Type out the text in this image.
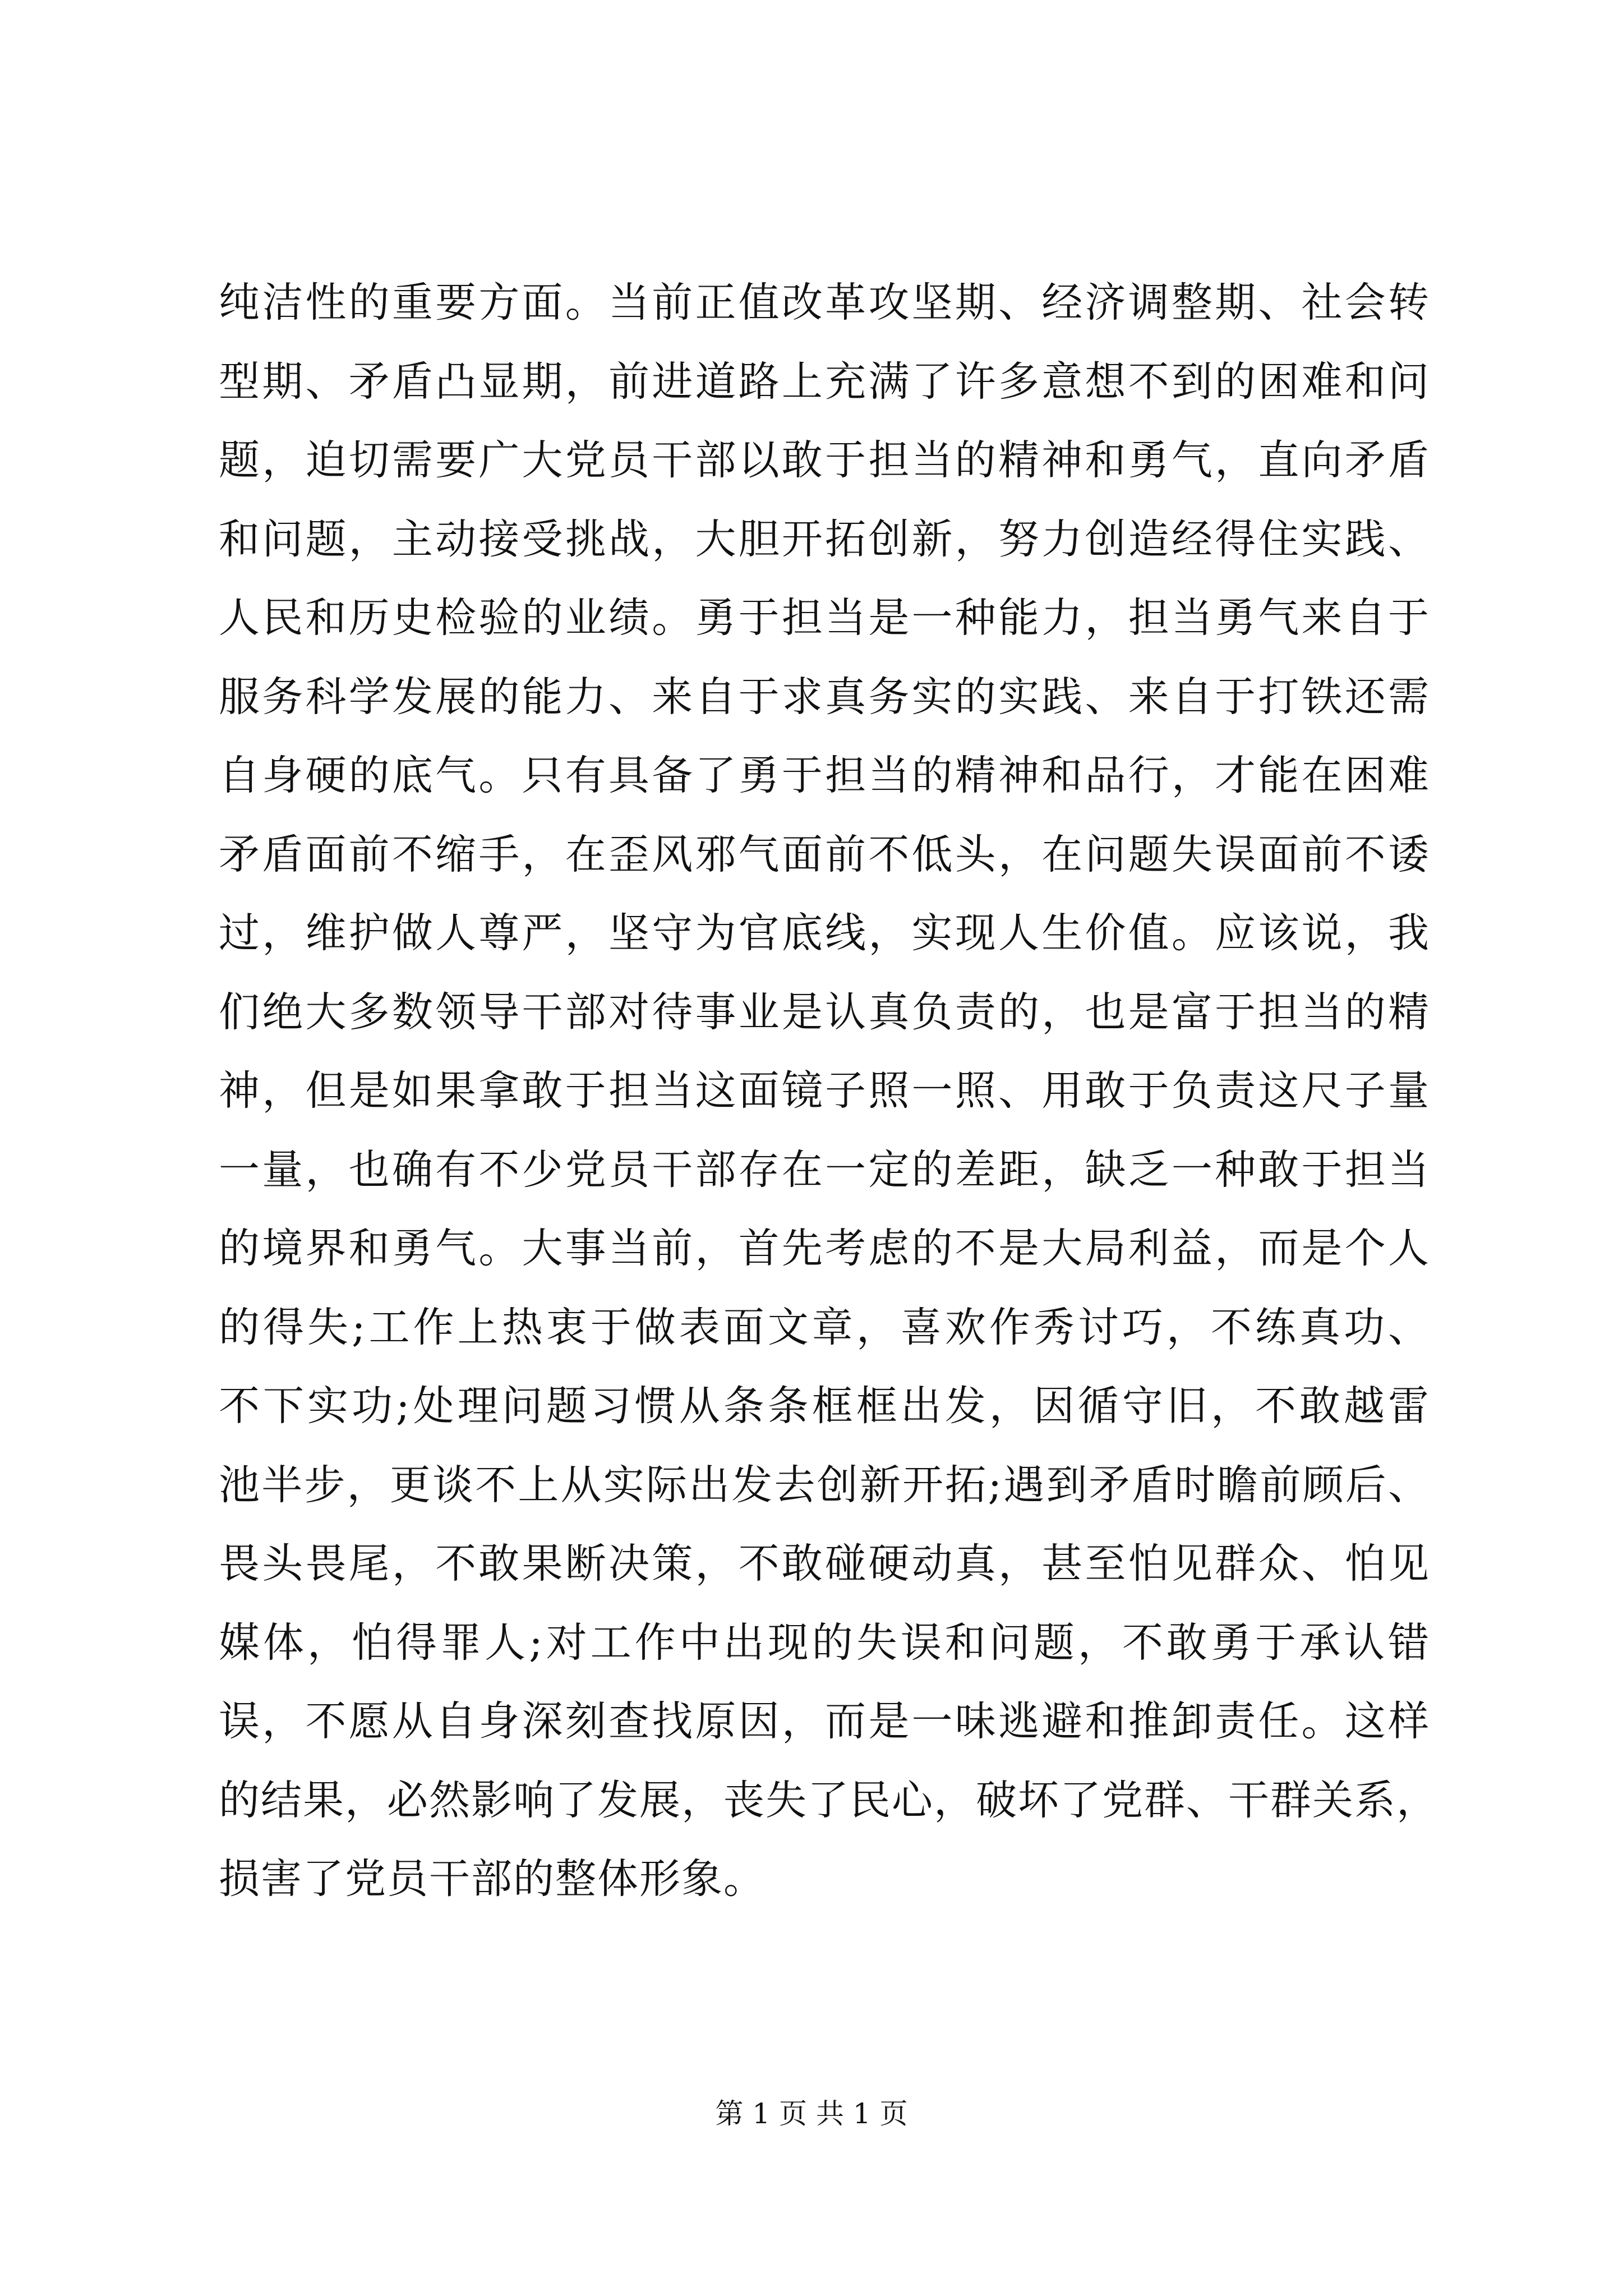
纯洁性的重要方面。当前正值改革攻坚期、经济调整期、社会转
型期、矛盾凸显期，前进道路上充满了许多意想不到的困难和问
题，迫切需要广大党员干部以敢于担当的精神和勇气，直向矛盾
和问题，主动接受挑战，大胆开拓创新，努力创造经得住实践、
人民和历史检验的业绩。勇于担当是一种能力，担当勇气来自于
服务科学发展的能力、来自于求真务实的实践、来自于打铁还需
自身硬的底气。只有具备了勇于担当的精神和品行，才能在困难
矛盾面前不缩手，在歪风邪气面前不低头，在问题失误面前不诿
过，维护做人尊严，坚守为官底线，实现人生价值。应该说，我
们绝大多数领导干部对待事业是认真负责的，也是富于担当的精
神，但是如果拿敢于担当这面镜子照一照、用敢于负责这尺子量
一量，也确有不少党员干部存在一定的差距，缺乏一种敢于担当
的境界和勇气。大事当前，首先考虑的不是大局利益，而是个人
的得失;工作上热衷于做表面文章，喜欢作秀讨巧，不练真功、
不下实功;处理问题习惯从条条框框出发，因循守旧，不敢越雷
池半步，更谈不上从实际出发去创新开拓;遇到矛盾时瞻前顾后、
畏头畏尾，不敢果断决策，不敢碰硬动真，甚至怕见群众、怕见
媒体，怕得罪人;对工作中出现的失误和问题，不敢勇于承认错
误，不愿从自身深刻查找原因，而是一味逃避和推卸责任。这样
的结果，必然影响了发展，丧失了民心，破坏了党群、干群关系，
损害了党员干部的整体形象。
第 1 页 共 1 页
